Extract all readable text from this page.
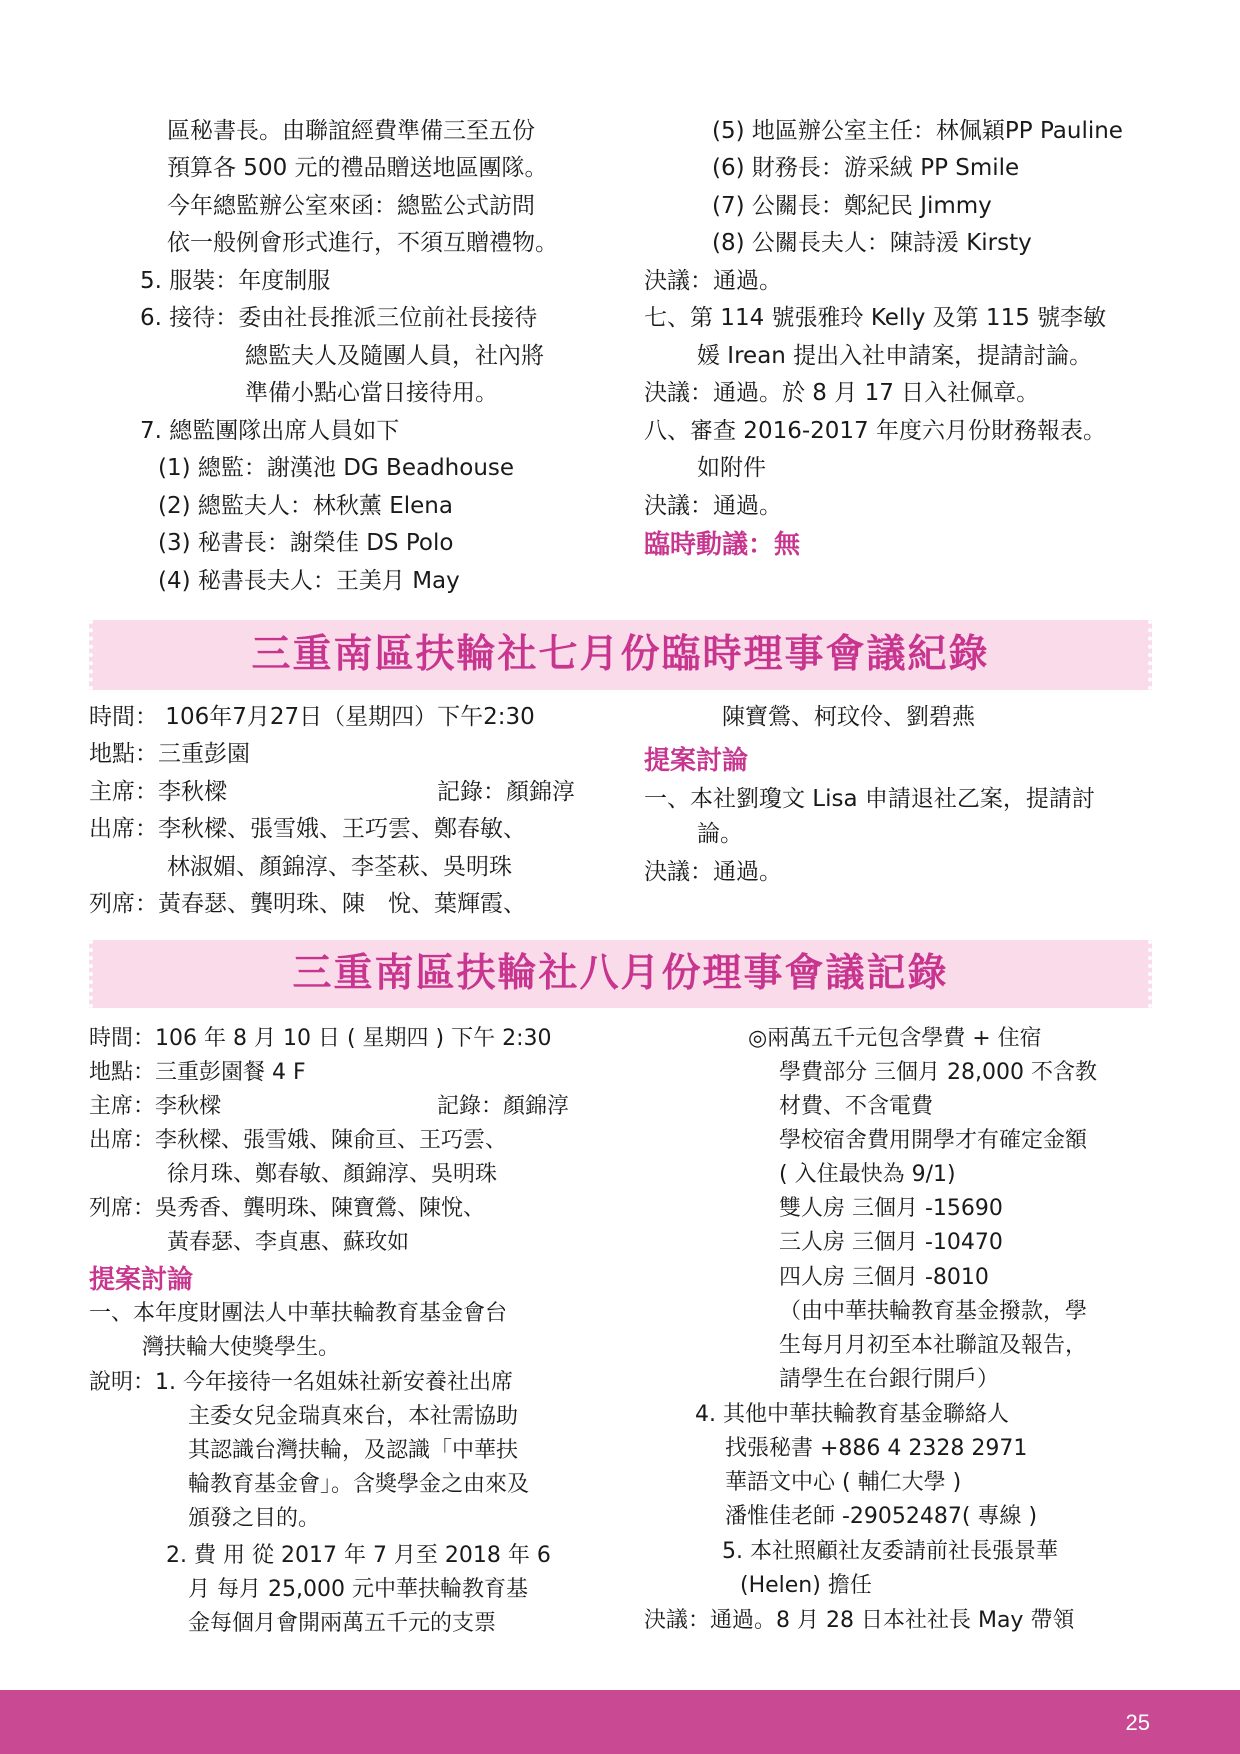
區秘書長。由聯誼經費準備三至五份
預算各 500 元的禮品贈送地區團隊。
今年總監辦公室來函：總監公式訪問
依一般例會形式進行，不須互贈禮物。
5. 服裝：年度制服
6. 接待：委由社長推派三位前社長接待
總監夫人及隨團人員，社內將
準備小點心當日接待用。
7. 總監團隊出席人員如下
(1) 總監：謝漢池 DG Beadhouse
(2) 總監夫人：林秋薰 Elena
(3) 秘書長：謝榮佳 DS Polo
(4) 秘書長夫人：王美月 May
(5) 地區辦公室主任：林佩穎PP Pauline
(6) 財務長：游采絨 PP Smile
(7) 公關長：鄭紀民 Jimmy
(8) 公關長夫人：陳詩湲 Kirsty
決議：通過。
七、第 114 號張雅玲 Kelly 及第 115 號李敏
媛 Irean 提出入社申請案，提請討論。
決議：通過。於 8 月 17 日入社佩章。
八、審查 2016-2017 年度六月份財務報表。
如附件
決議：通過。
臨時動議：無
三重南區扶輪社七月份臨時理事會議紀錄
時間： 106年7月27日（星期四）下午2:30
地點：三重彭園
主席：李秋樑	記錄：顏錦淳
出席：李秋樑、張雪娥、王巧雲、鄭春敏、
林淑媚、顏錦淳、李荃萩、吳明珠
列席：黃春瑟、龔明珠、陳　悅、葉輝霞、
陳寶鶯、柯玟伶、劉碧燕
提案討論
一、本社劉瓊文 Lisa 申請退社乙案，提請討
論。
決議：通過。
三重南區扶輪社八月份理事會議記錄
時間：106 年 8 月 10 日 ( 星期四 ) 下午 2:30
地點：三重彭園餐 4 F
主席：李秋樑	記錄：顏錦淳
出席：李秋樑、張雪娥、陳俞亘、王巧雲、
徐月珠、鄭春敏、顏錦淳、吳明珠
列席：吳秀香、龔明珠、陳寶鶯、陳悅、
黃春瑟、李貞惠、蘇玫如
提案討論
一、本年度財團法人中華扶輪教育基金會台
灣扶輪大使獎學生。
說明：1. 今年接待一名姐妹社新安養社出席
主委女兒金瑞真來台，本社需協助
其認識台灣扶輪，及認識「中華扶
輪教育基金會」。含獎學金之由來及
頒發之目的。
2. 費 用 從 2017 年 7 月至 2018 年 6
月 每月 25,000 元中華扶輪教育基
金每個月會開兩萬五千元的支票
◎兩萬五千元包含學費 + 住宿
學費部分 三個月 28,000 不含教
材費、不含電費
學校宿舍費用開學才有確定金額
( 入住最快為 9/1)
雙人房 三個月 -15690
三人房 三個月 -10470
四人房 三個月 -8010
（由中華扶輪教育基金撥款，學
生每月月初至本社聯誼及報告，
請學生在台銀行開戶）
4. 其他中華扶輪教育基金聯絡人
找張秘書 +886 4 2328 2971
華語文中心 ( 輔仁大學 )
潘惟佳老師 -29052487( 專線 )
5. 本社照顧社友委請前社長張景華
(Helen) 擔任
決議：通過。8 月 28 日本社社長 May 帶領
25
